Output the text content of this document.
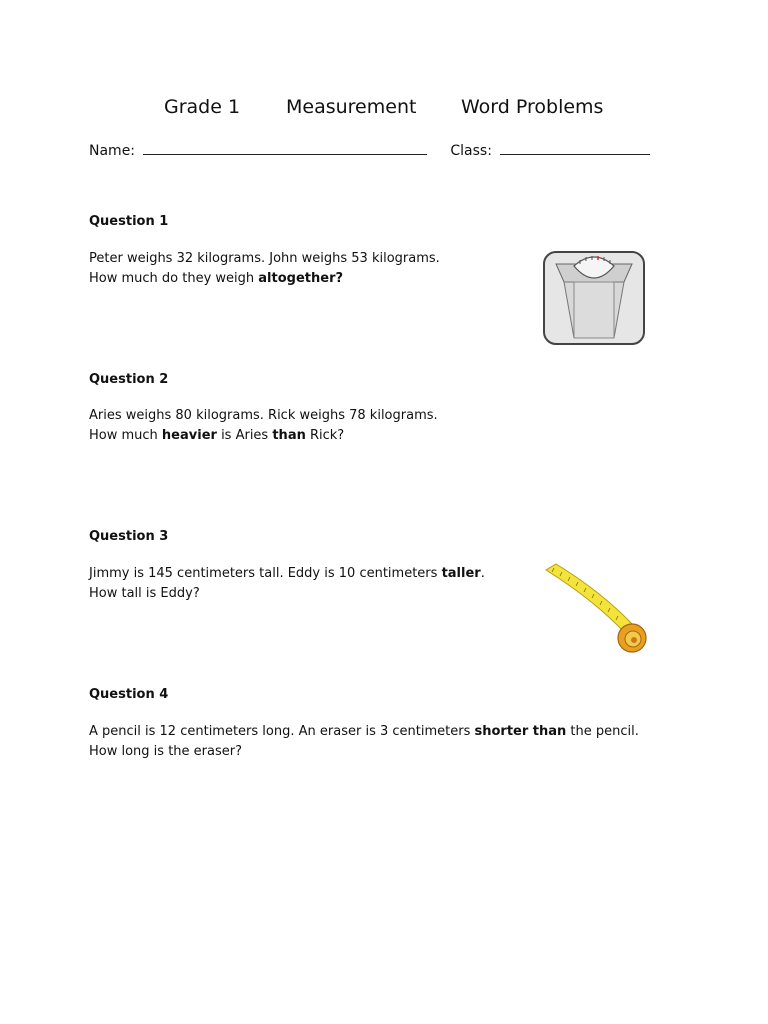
Grade 1 Measurement Word Problems
Name:	Class:
Question 1
Peter weighs 32 kilograms. John weighs 53 kilograms.
How much do they weigh altogether?
Question 2
Aries weighs 80 kilograms. Rick weighs 78 kilograms.
How much heavier is Aries than Rick?
Question 3
Jimmy is 145 centimeters tall. Eddy is 10 centimeters taller.
How tall is Eddy?
Question 4
A pencil is 12 centimeters long. An eraser is 3 centimeters shorter than the pencil.
How long is the eraser?
